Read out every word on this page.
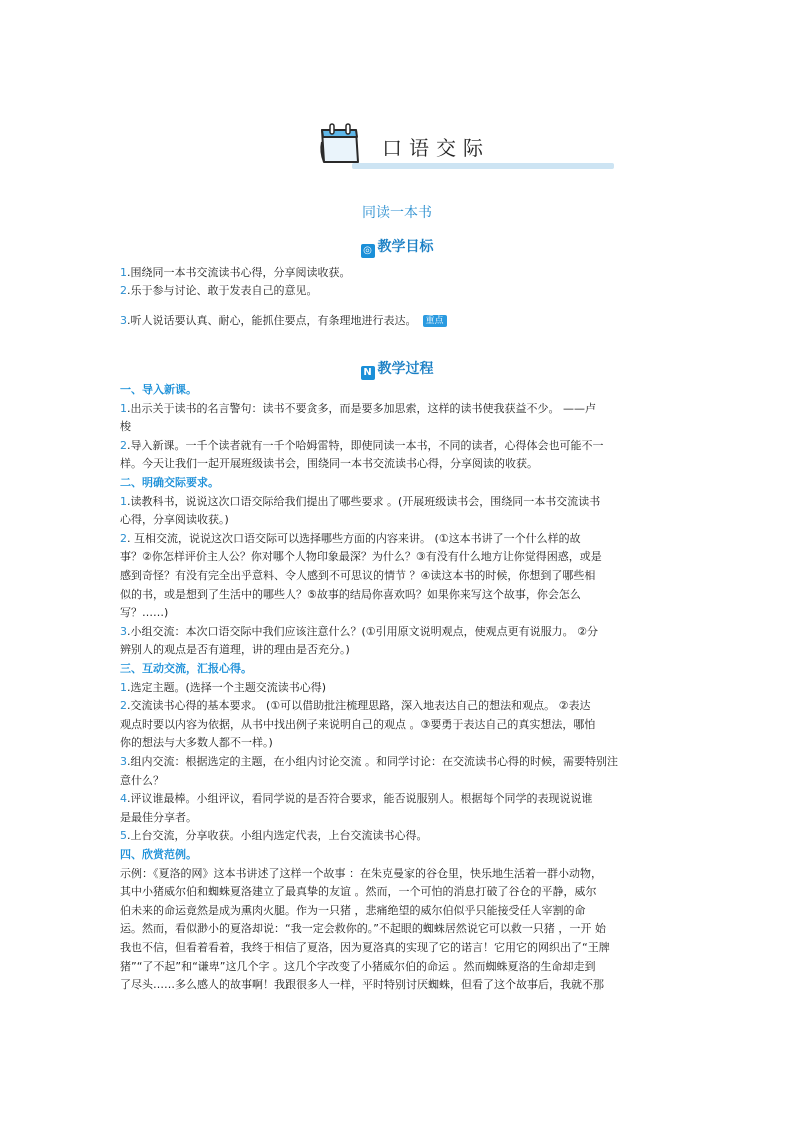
口语交际
同读一本书
◎ 教学目标
1.围绕同一本书交流读书心得，分享阅读收获。
2.乐于参与讨论、敢于发表自己的意见。
3.听人说话要认真、耐心，能抓住要点，有条理地进行表达。 重点
N 教学过程
一、导入新课。
1.出示关于读书的名言警句：读书不要贪多，而是要多加思索，这样的读书使我获益不少。 ——卢
梭
2.导入新课。一千个读者就有一千个哈姆雷特，即使同读一本书，不同的读者，心得体会也可能不一
样。今天让我们一起开展班级读书会，围绕同一本书交流读书心得，分享阅读的收获。
二、明确交际要求。
1.读教科书，说说这次口语交际给我们提出了哪些要求 。(开展班级读书会，围绕同一本书交流读书
心得，分享阅读收获。)
2. 互相交流，说说这次口语交际可以选择哪些方面的内容来讲。 (①这本书讲了一个什么样的故
事？②你怎样评价主人公？你对哪个人物印象最深？为什么？③有没有什么地方让你觉得困惑，或是
感到奇怪？有没有完全出乎意料、令人感到不可思议的情节 ？④读这本书的时候，你想到了哪些相
似的书，或是想到了生活中的哪些人？⑤故事的结局你喜欢吗？如果你来写这个故事，你会怎么
写？……)
3.小组交流：本次口语交际中我们应该注意什么？(①引用原文说明观点，使观点更有说服力。 ②分
辨别人的观点是否有道理，讲的理由是否充分。)
三、互动交流，汇报心得。
1.选定主题。(选择一个主题交流读书心得)
2.交流读书心得的基本要求。 (①可以借助批注梳理思路，深入地表达自己的想法和观点。 ②表达
观点时要以内容为依据，从书中找出例子来说明自己的观点 。③要勇于表达自己的真实想法，哪怕
你的想法与大多数人都不一样。)
3.组内交流：根据选定的主题，在小组内讨论交流 。和同学讨论：在交流读书心得的时候，需要特别注
意什么？
4.评议谁最棒。小组评议，看同学说的是否符合要求，能否说服别人。根据每个同学的表现说说谁
是最佳分享者。
5.上台交流，分享收获。小组内选定代表，上台交流读书心得。
四、欣赏范例。
示例：《夏洛的网》这本书讲述了这样一个故事 ：在朱克曼家的谷仓里，快乐地生活着一群小动物，
其中小猪威尔伯和蜘蛛夏洛建立了最真挚的友谊 。然而，一个可怕的消息打破了谷仓的平静，威尔
伯未来的命运竟然是成为熏肉火腿。作为一只猪 ，悲痛绝望的威尔伯似乎只能接受任人宰割的命
运。然而，看似渺小的夏洛却说：“我一定会救你的。”不起眼的蜘蛛居然说它可以救一只猪 ，一开 始
我也不信，但看着看着，我终于相信了夏洛，因为夏洛真的实现了它的诺言！它用它的网织出了“王牌
猪”“了不起”和“谦卑”这几个字 。这几个字改变了小猪威尔伯的命运 。然而蜘蛛夏洛的生命却走到
了尽头……多么感人的故事啊！我跟很多人一样，平时特别讨厌蜘蛛，但看了这个故事后，我就不那
